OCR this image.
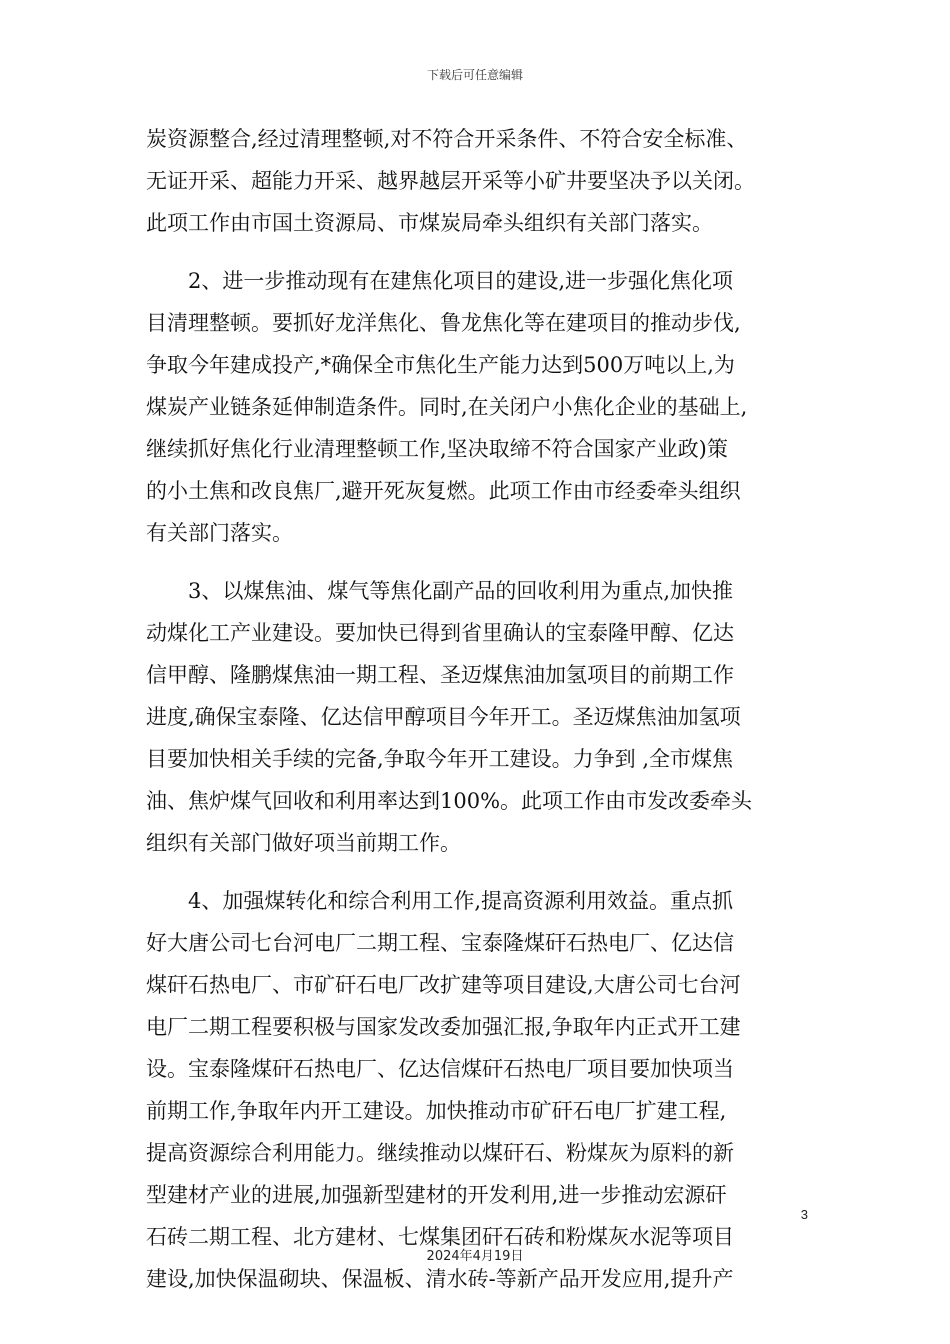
下载后可任意编辑
炭资源整合,经过清理整顿,对不符合开采条件、不符合安全标准、
无证开采、超能力开采、越界越层开采等小矿井要坚决予以关闭。
此项工作由市国土资源局、市煤炭局牵头组织有关部门落实。
　　2、进一步推动现有在建焦化项目的建设,进一步强化焦化项
目清理整顿。要抓好龙洋焦化、鲁龙焦化等在建项目的推动步伐,
争取今年建成投产,*确保全市焦化生产能力达到500万吨以上,为
煤炭产业链条延伸制造条件。同时,在关闭户小焦化企业的基础上,
继续抓好焦化行业清理整顿工作,坚决取缔不符合国家产业政)策
的小土焦和改良焦厂,避开死灰复燃。此项工作由市经委牵头组织
有关部门落实。
　　3、以煤焦油、煤气等焦化副产品的回收利用为重点,加快推
动煤化工产业建设。要加快已得到省里确认的宝泰隆甲醇、亿达
信甲醇、隆鹏煤焦油一期工程、圣迈煤焦油加氢项目的前期工作
进度,确保宝泰隆、亿达信甲醇项目今年开工。圣迈煤焦油加氢项
目要加快相关手续的完备,争取今年开工建设。力争到 ,全市煤焦
油、焦炉煤气回收和利用率达到100%。此项工作由市发改委牵头
组织有关部门做好项当前期工作。
　　4、加强煤转化和综合利用工作,提高资源利用效益。重点抓
好大唐公司七台河电厂二期工程、宝泰隆煤矸石热电厂、亿达信
煤矸石热电厂、市矿矸石电厂改扩建等项目建设,大唐公司七台河
电厂二期工程要积极与国家发改委加强汇报,争取年内正式开工建
设。宝泰隆煤矸石热电厂、亿达信煤矸石热电厂项目要加快项当
前期工作,争取年内开工建设。加快推动市矿矸石电厂扩建工程,
提高资源综合利用能力。继续推动以煤矸石、粉煤灰为原料的新
型建材产业的进展,加强新型建材的开发利用,进一步推动宏源矸
石砖二期工程、北方建材、七煤集团矸石砖和粉煤灰水泥等项目
建设,加快保温砌块、保温板、清水砖-等新产品开发应用,提升产
3
2024年4月19日
